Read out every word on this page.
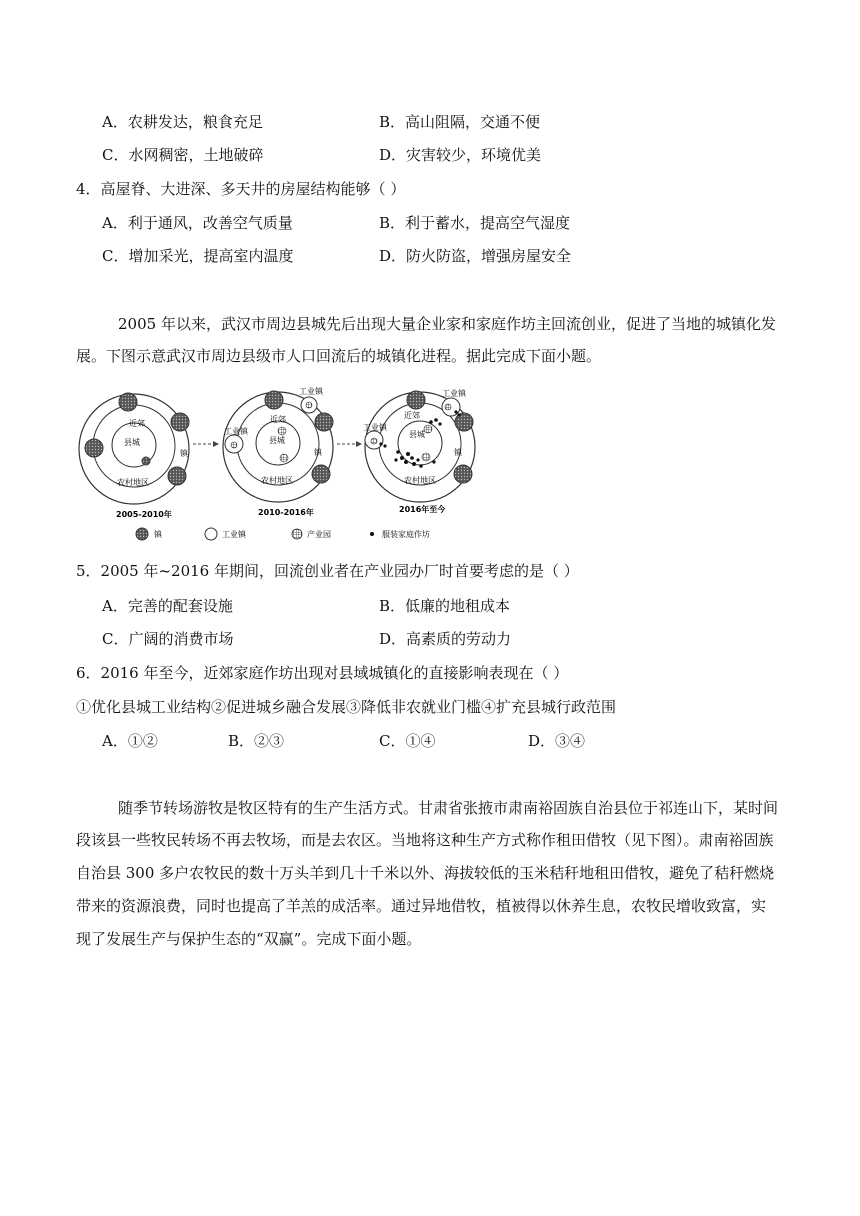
A．农耕发达，粮食充足	B．高山阻隔，交通不便
C．水网稠密，土地破碎	D．灾害较少，环境优美
4．高屋脊、大进深、多天井的房屋结构能够（ ）
A．利于通风，改善空气质量	B．利于蓄水，提高空气湿度
C．增加采光，提高室内温度	D．防火防盗，增强房屋安全
2005 年以来，武汉市周边县城先后出现大量企业家和家庭作坊主回流创业，促进了当地的城镇化发
展。下图示意武汉市周边县级市人口回流后的城镇化进程。据此完成下面小题。
近郊
县城
镇
农村地区
2005-2010年
工业镇
工业镇
近郊
县城
镇
农村地区
2010-2016年
工业镇
工业镇
近郊
县城
镇
农村地区
2016年至今
镇	工业镇	产业园	服装家庭作坊
5．2005 年~2016 年期间，回流创业者在产业园办厂时首要考虑的是（ ）
A．完善的配套设施	B．低廉的地租成本
C．广阔的消费市场	D．高素质的劳动力
6．2016 年至今，近郊家庭作坊出现对县域城镇化的直接影响表现在（ ）
①优化县城工业结构②促进城乡融合发展③降低非农就业门槛④扩充县城行政范围
A．①②	B．②③	C．①④	D．③④
随季节转场游牧是牧区特有的生产生活方式。甘肃省张掖市肃南裕固族自治县位于祁连山下，某时间
段该县一些牧民转场不再去牧场，而是去农区。当地将这种生产方式称作租田借牧（见下图）。肃南裕固族
自治县 300 多户农牧民的数十万头羊到几十千米以外、海拔较低的玉米秸秆地租田借牧，避免了秸秆燃烧
带来的资源浪费，同时也提高了羊羔的成活率。通过异地借牧，植被得以休养生息，农牧民增收致富，实
现了发展生产与保护生态的“双赢”。完成下面小题。
